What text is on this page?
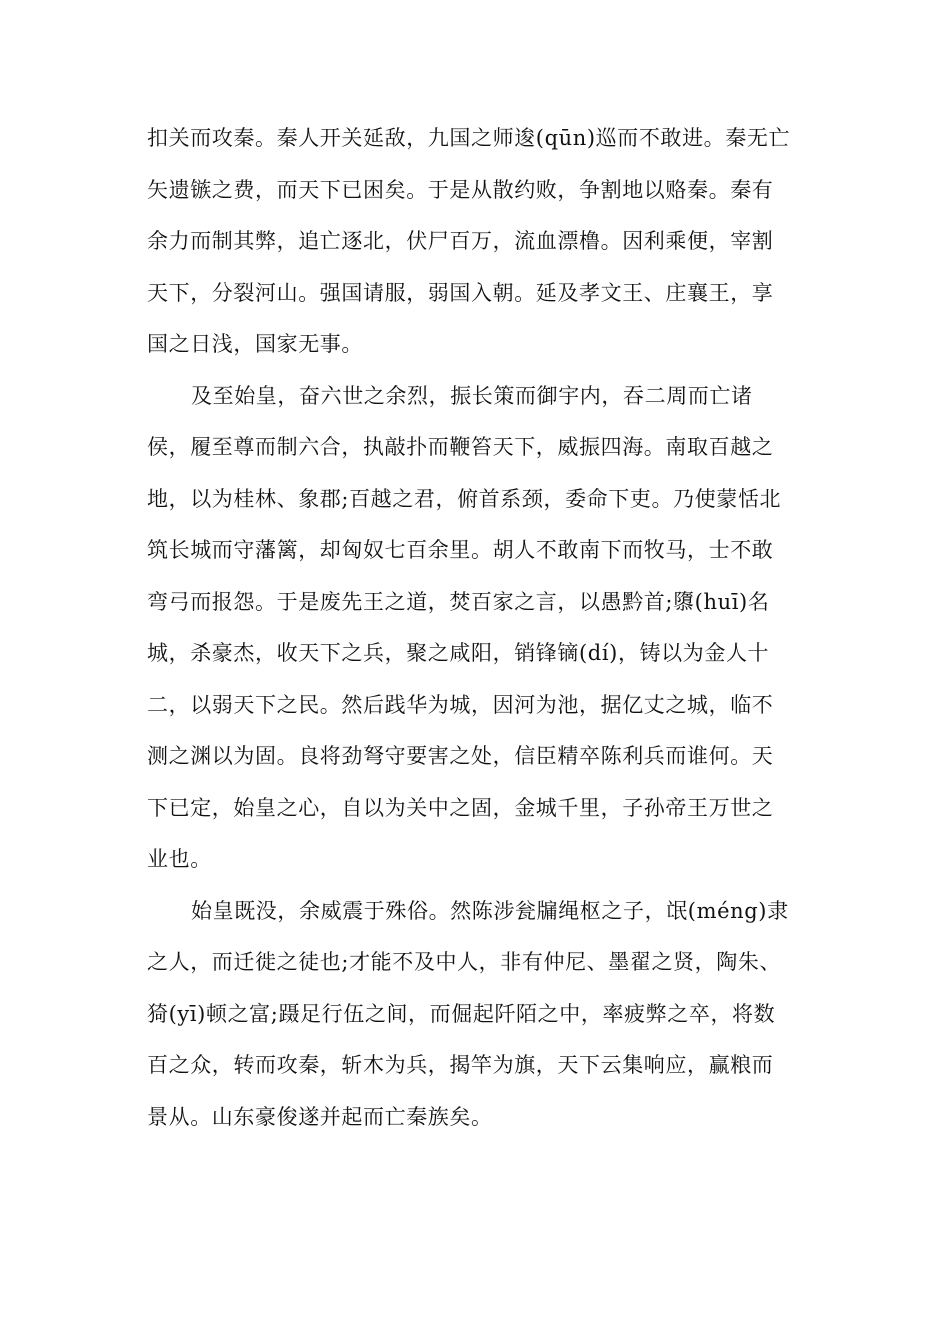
扣关而攻秦。秦人开关延敌，九国之师逡(qūn)巡而不敢进。秦无亡
矢遗镞之费，而天下已困矣。于是从散约败，争割地以赂秦。秦有
余力而制其弊，追亡逐北，伏尸百万，流血漂橹。因利乘便，宰割
天下，分裂河山。强国请服，弱国入朝。延及孝文王、庄襄王，享
国之日浅，国家无事。
及至始皇，奋六世之余烈，振长策而御宇内，吞二周而亡诸
侯，履至尊而制六合，执敲扑而鞭笞天下，威振四海。南取百越之
地，以为桂林、象郡;百越之君，俯首系颈，委命下吏。乃使蒙恬北
筑长城而守藩篱，却匈奴七百余里。胡人不敢南下而牧马，士不敢
弯弓而报怨。于是废先王之道，焚百家之言，以愚黔首;隳(huī)名
城，杀豪杰，收天下之兵，聚之咸阳，销锋镝(dí)，铸以为金人十
二，以弱天下之民。然后践华为城，因河为池，据亿丈之城，临不
测之渊以为固。良将劲弩守要害之处，信臣精卒陈利兵而谁何。天
下已定，始皇之心，自以为关中之固，金城千里，子孙帝王万世之
业也。
始皇既没，余威震于殊俗。然陈涉瓮牖绳枢之子，氓(méng)隶
之人，而迁徙之徒也;才能不及中人，非有仲尼、墨翟之贤，陶朱、
猗(yī)顿之富;蹑足行伍之间，而倔起阡陌之中，率疲弊之卒，将数
百之众，转而攻秦，斩木为兵，揭竿为旗，天下云集响应，赢粮而
景从。山东豪俊遂并起而亡秦族矣。
